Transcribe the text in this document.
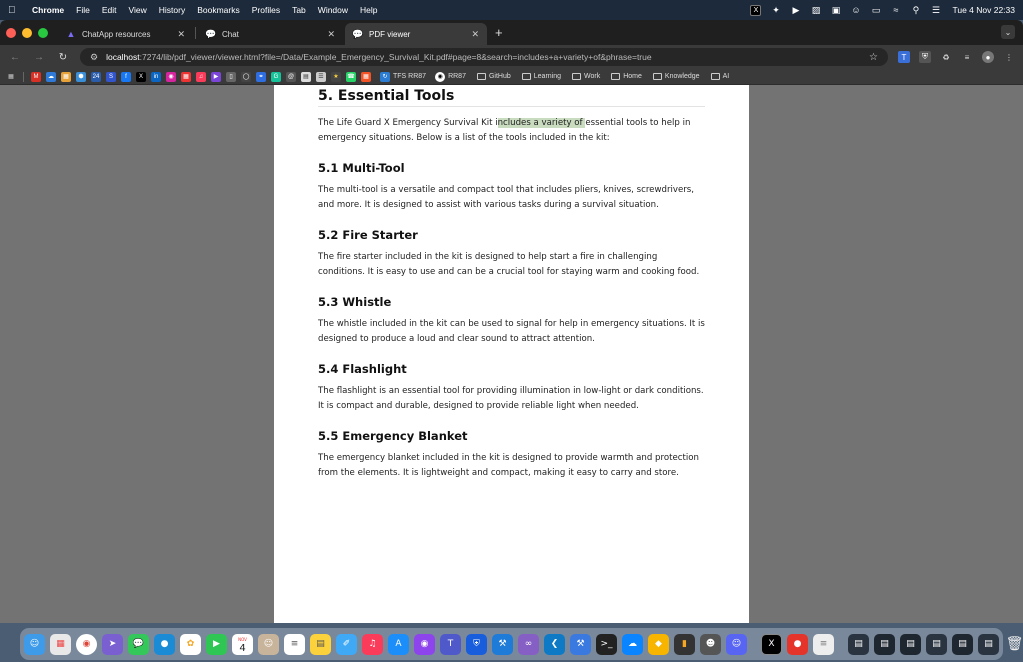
Chrome File Edit View History Bookmarks Profiles Tab Window Help	X	✦ ▶ ▨ ▣ ☺ ▭	≈	⚲ ☰ Tue 4 Nov 22:33
▲ ChatApp resources	✕ 💬 Chat	✕ 💬 PDF viewer	✕ +	⌄
← → ↻	⚙ localhost:7274/lib/pdf_viewer/viewer.html?file=/Data/Example_Emergency_Survival_Kit.pdf#page=8&search=includes+a+variety+of&phrase=true	☆	T	⛨	♻	≡	●	⋮
▦	M	☁	▦	⬢	24	S	f	X	in	◉	▦	♫	▶	▯	◯	⚭	G	@	▤	☰	★	☎	▦	↻ TFS RR87	◉ RR87	GitHub	Learning	Work	Home	Knowledge	AI
5. Essential Tools

The Life Guard X Emergency Survival Kit includes a variety of essential tools to help in emergency situations. Below is a list of the tools included in the kit:

5.1 Multi-Tool

The multi-tool is a versatile and compact tool that includes pliers, knives, screwdrivers, and more. It is designed to assist with various tasks during a survival situation.

5.2 Fire Starter

The fire starter included in the kit is designed to help start a fire in challenging conditions. It is easy to use and can be a crucial tool for staying warm and cooking food.

5.3 Whistle

The whistle included in the kit can be used to signal for help in emergency situations. It is designed to produce a loud and clear sound to attract attention.

5.4 Flashlight

The flashlight is an essential tool for providing illumination in low-light or dark conditions. It is compact and durable, designed to provide reliable light when needed.

5.5 Emergency Blanket

The emergency blanket included in the kit is designed to provide warmth and protection from the elements. It is lightweight and compact, making it easy to carry and store.

☺	▦	◉	➤	💬	●	✿	▶	NOV
4	☺	≡	▤	✐	♫	A	◉	T	⛨	⚒	∞	❮	⚒	>_	☁	◆	▮	☻	☺	X	●	≡	▤	▤	▤	▤	▤	▤ 🗑
